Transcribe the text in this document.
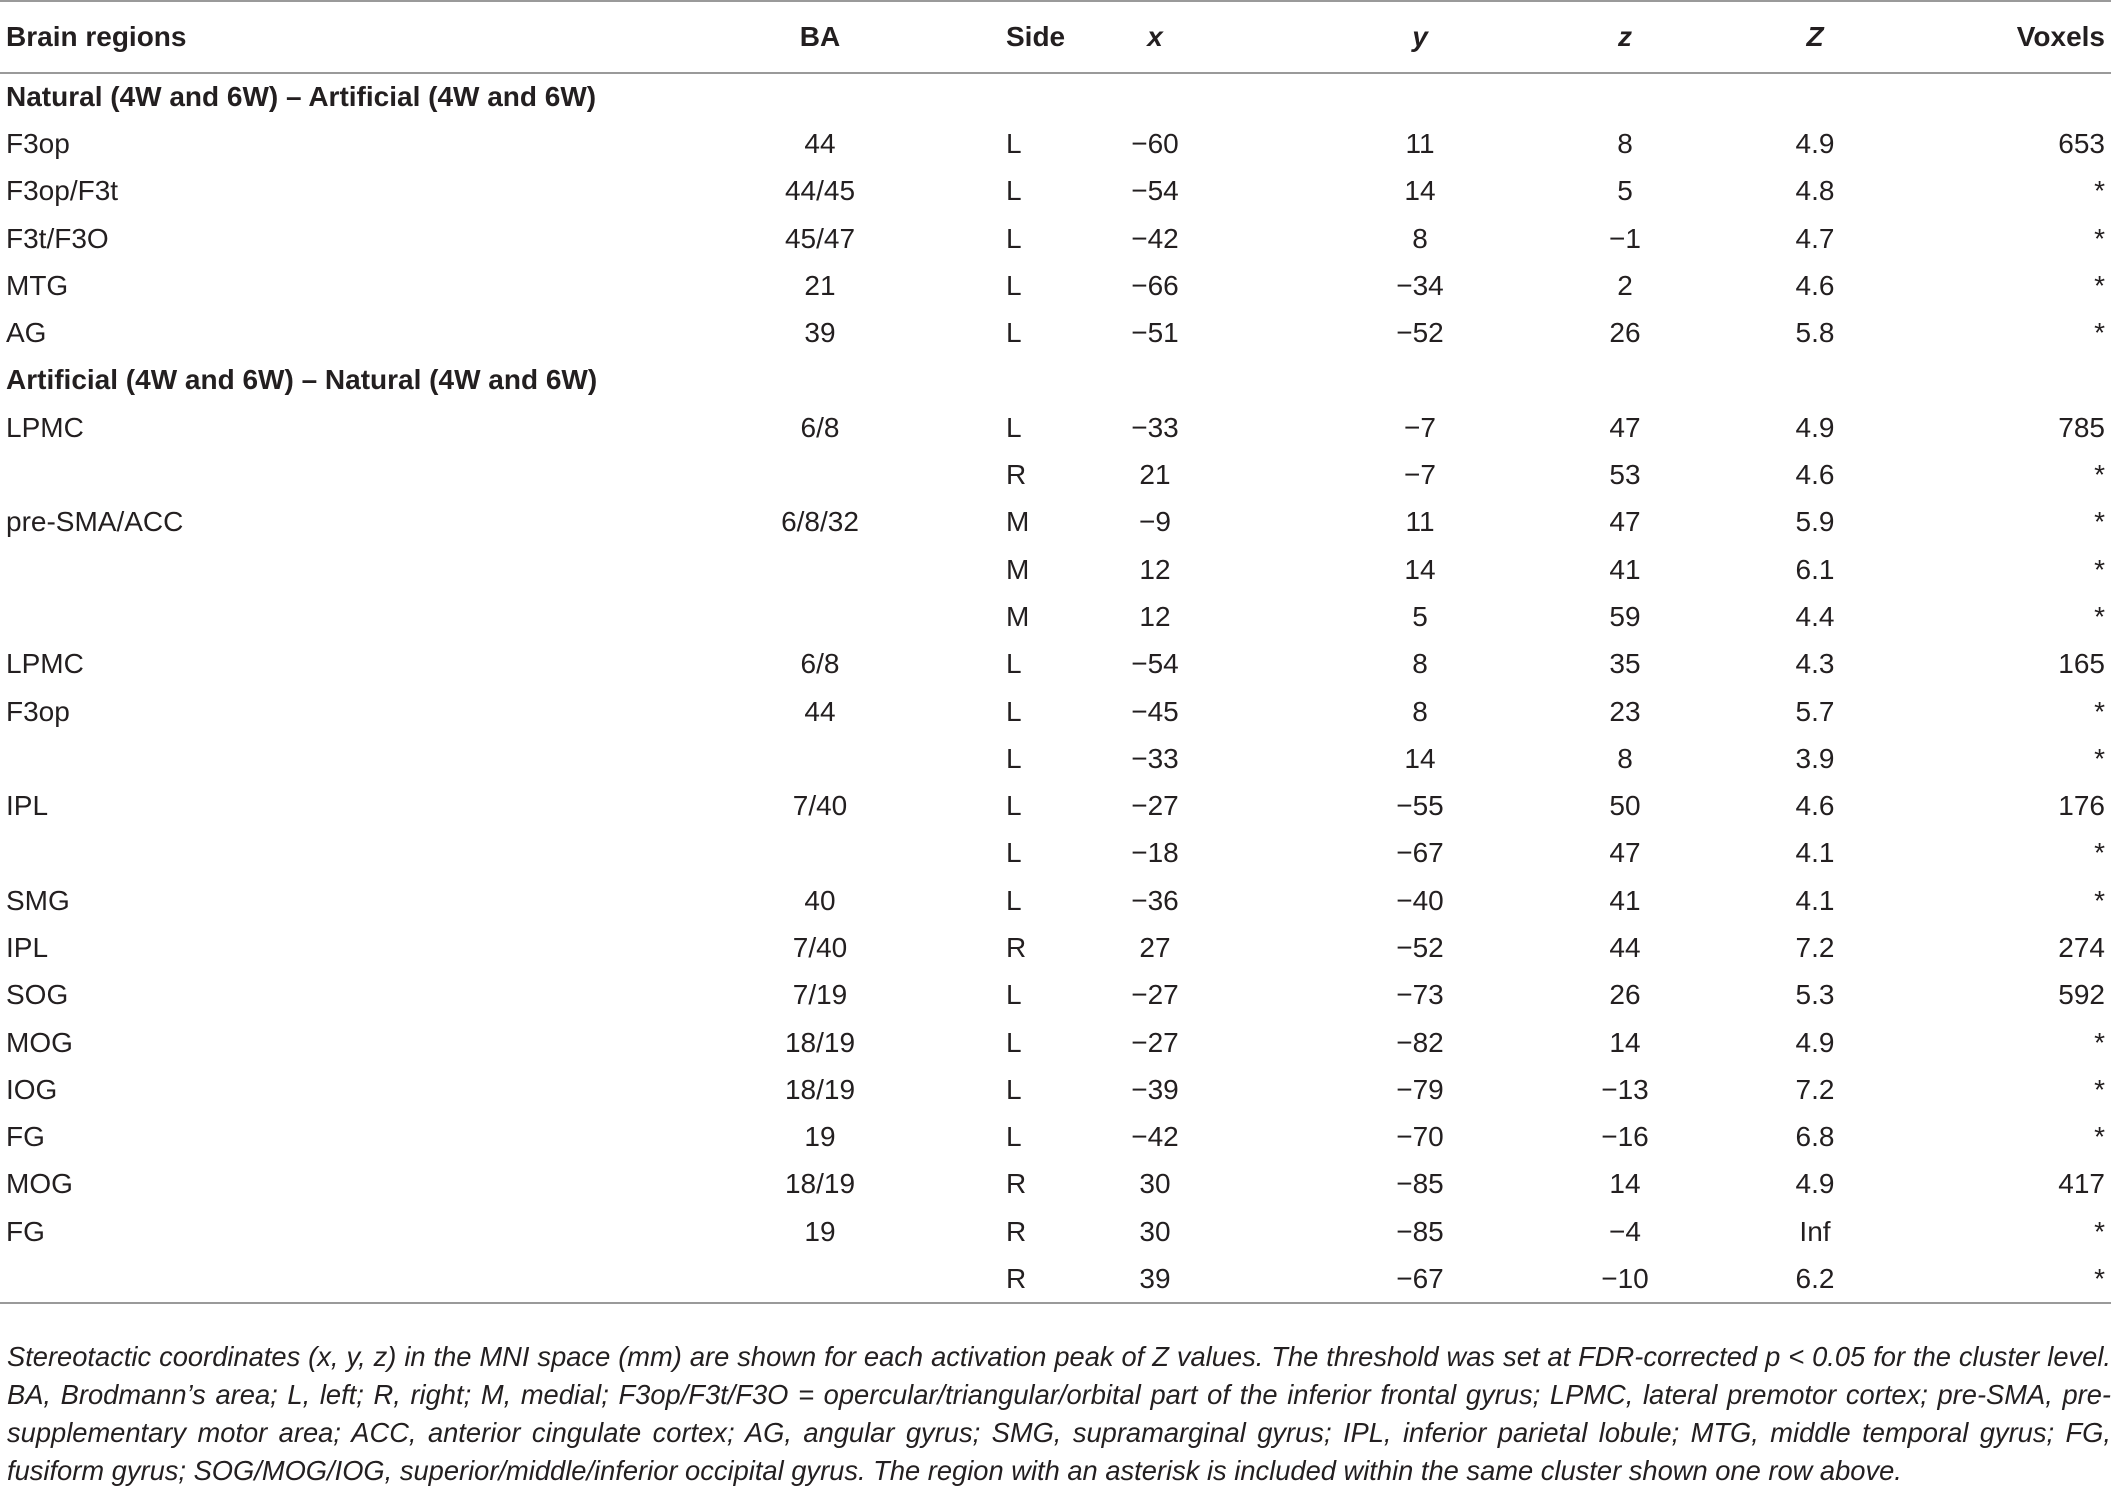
Brain regions	BA	Side	x	y	z	Z	Voxels
Natural (4W and 6W) – Artificial (4W and 6W)						
F3op	44	L	−60	11	8	4.9	653
F3op/F3t	44/45	L	−54	14	5	4.8	*
F3t/F3O	45/47	L	−42	8	−1	4.7	*
MTG	21	L	−66	−34	2	4.6	*
AG	39	L	−51	−52	26	5.8	*
Artificial (4W and 6W) – Natural (4W and 6W)						
LPMC	6/8	L	−33	−7	47	4.9	785
		R	21	−7	53	4.6	*
pre-SMA/ACC	6/8/32	M	−9	11	47	5.9	*
		M	12	14	41	6.1	*
		M	12	5	59	4.4	*
LPMC	6/8	L	−54	8	35	4.3	165
F3op	44	L	−45	8	23	5.7	*
		L	−33	14	8	3.9	*
IPL	7/40	L	−27	−55	50	4.6	176
		L	−18	−67	47	4.1	*
SMG	40	L	−36	−40	41	4.1	*
IPL	7/40	R	27	−52	44	7.2	274
SOG	7/19	L	−27	−73	26	5.3	592
MOG	18/19	L	−27	−82	14	4.9	*
IOG	18/19	L	−39	−79	−13	7.2	*
FG	19	L	−42	−70	−16	6.8	*
MOG	18/19	R	30	−85	14	4.9	417
FG	19	R	30	−85	−4	Inf	*
		R	39	−67	−10	6.2	*

Stereotactic coordinates (x, y, z) in the MNI space (mm) are shown for each activation peak of Z values. The threshold was set at FDR-corrected p < 0.05 for the cluster level. BA, Brodmann’s area; L, left; R, right; M, medial; F3op/F3t/F3O = opercular/triangular/orbital part of the inferior frontal gyrus; LPMC, lateral premotor cortex; pre-SMA, pre-supplementary motor area; ACC, anterior cingulate cortex; AG, angular gyrus; SMG, supramarginal gyrus; IPL, inferior parietal lobule; MTG, middle temporal gyrus; FG, fusiform gyrus; SOG/MOG/IOG, superior/middle/inferior occipital gyrus. The region with an asterisk is included within the same cluster shown one row above.
